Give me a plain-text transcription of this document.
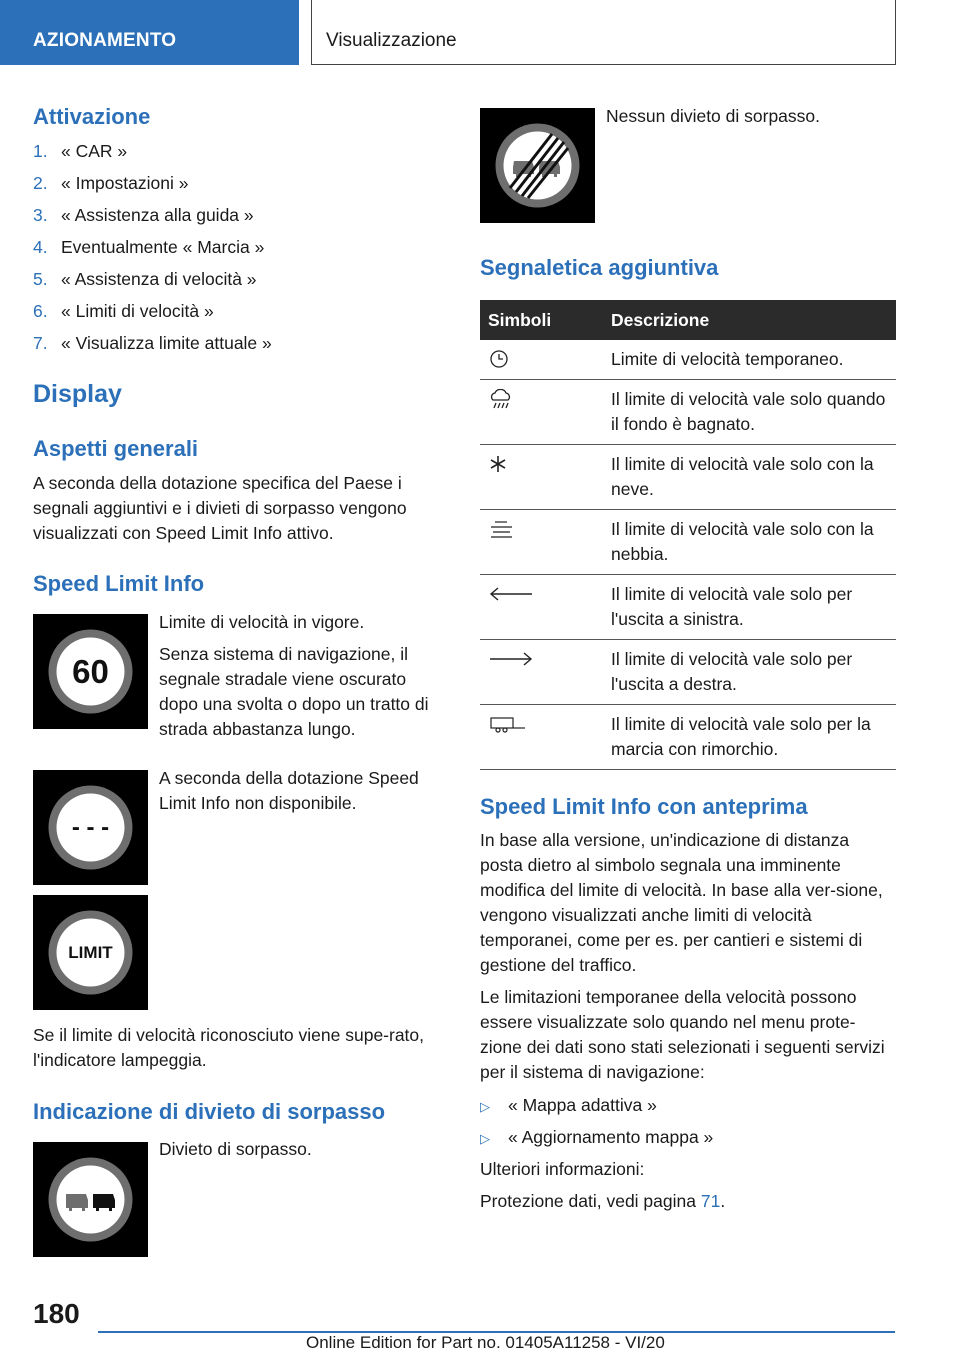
AZIONAMENTO	Visualizzazione
Attivazione
1. « CAR »
2. « Impostazioni »
3. « Assistenza alla guida »
4. Eventualmente « Marcia »
5. « Assistenza di velocità »
6. « Limiti di velocità »
7. « Visualizza limite attuale »
Display
Aspetti generali
A seconda della dotazione specifica del Paese i segnali aggiuntivi e i divieti di sorpasso vengono visualizzati con Speed Limit Info attivo.
Speed Limit Info
60
Limite di velocità in vigore.
Senza sistema di navigazione, il segnale stradale viene oscurato dopo una svolta o dopo un tratto di strada abbastanza lungo.
- - -
A seconda della dotazione Speed Limit Info non disponibile.
LIMIT
Se il limite di velocità riconosciuto viene supe-rato, l'indicatore lampeggia.
Indicazione di divieto di sorpasso
Divieto di sorpasso.
Nessun divieto di sorpasso.
Segnaletica aggiuntiva
Simboli	Descrizione

	Limite di velocità temporaneo.

	Il limite di velocità vale solo quando il fondo è bagnato.

	Il limite di velocità vale solo con la neve.

	Il limite di velocità vale solo con la nebbia.

	Il limite di velocità vale solo per l'uscita a sinistra.

	Il limite di velocità vale solo per l'uscita a destra.

	Il limite di velocità vale solo per la marcia con rimorchio.
Speed Limit Info con anteprima
In base alla versione, un'indicazione di distanza posta dietro al simbolo segnala una imminente modifica del limite di velocità. In base alla ver-sione, vengono visualizzati anche limiti di velocità temporanei, come per es. per cantieri e sistemi di gestione del traffico.
Le limitazioni temporanee della velocità possono essere visualizzate solo quando nel menu prote-zione dei dati sono stati selezionati i seguenti servizi per il sistema di navigazione:
▷	« Mappa adattiva »
▷	« Aggiornamento mappa »
Ulteriori informazioni:
Protezione dati, vedi pagina 71.
180
Online Edition for Part no. 01405A11258 - VI/20
